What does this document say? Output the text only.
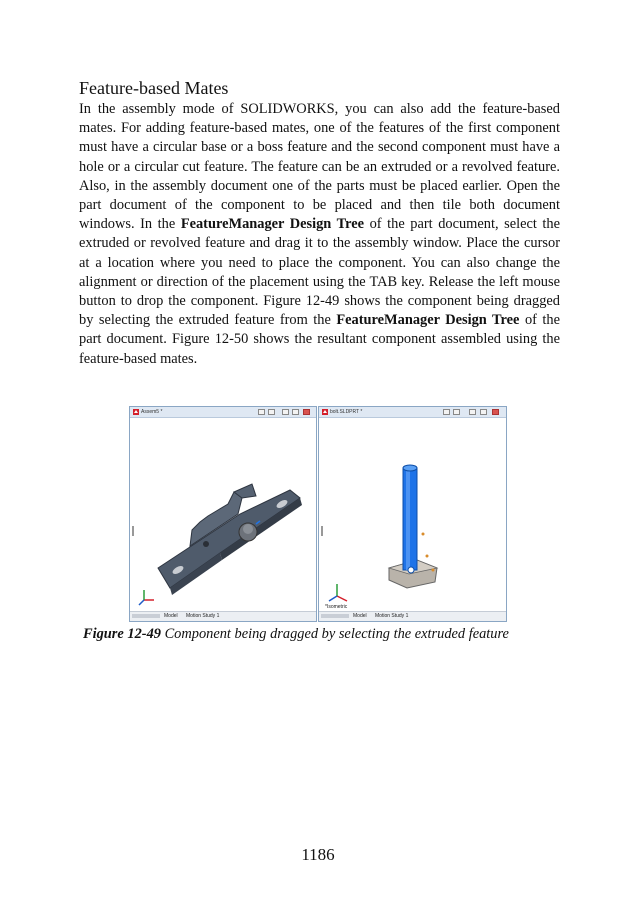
Feature-based Mates

In the assembly mode of SOLIDWORKS, you can also add the feature-based mates. For adding feature-based mates, one of the features of the first component must have a circular base or a boss feature and the second component must have a hole or a circular cut feature. The feature can be an extruded or a revolved feature. Also, in the assembly document one of the parts must be placed earlier. Open the part document of the component to be placed and then tile both document windows. In the FeatureManager Design Tree of the part document, select the extruded or revolved feature and drag it to the assembly window. Place the cursor at a location where you need to place the component. You can also change the alignment or direction of the placement using the TAB key. Release the left mouse button to drop the component. Figure 12-49 shows the component being dragged by selecting the extruded feature from the FeatureManager Design Tree of the part document. Figure 12-50 shows the resultant component assembled using the feature-based mates.

Assem5 *
Model Motion Study 1
bolt.SLDPRT *
*Isometric
Model Motion Study 1

Figure 12-49 Component being dragged by selecting the extruded feature

1186
